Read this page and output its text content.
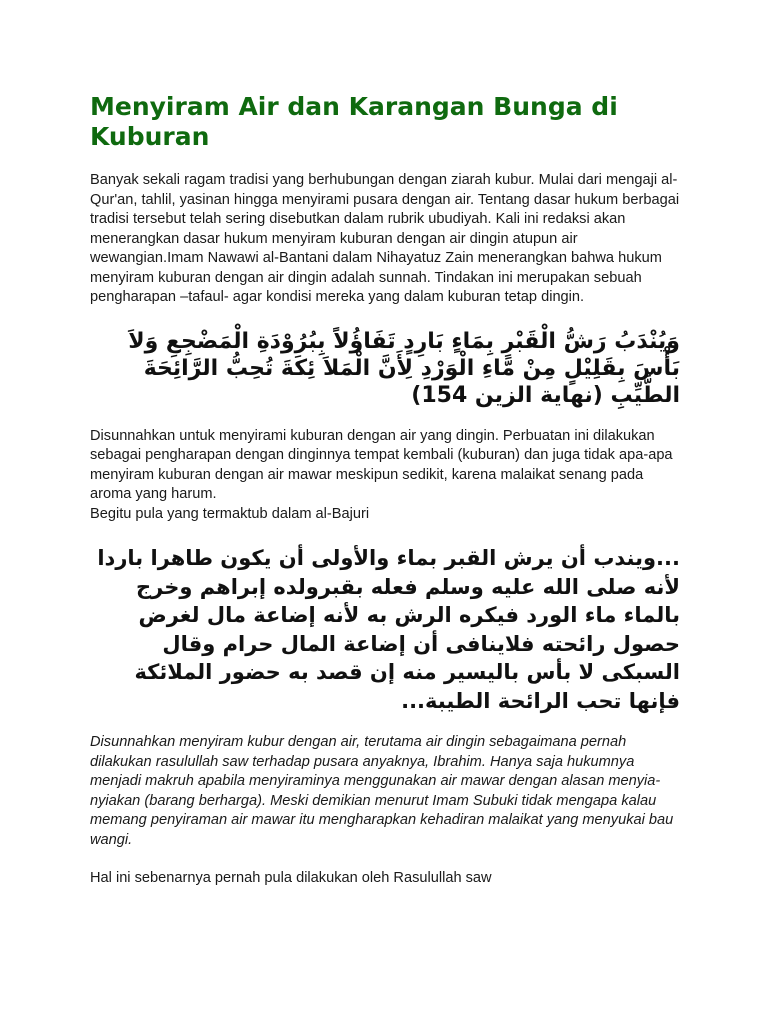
Menyiram Air dan Karangan Bunga di Kuburan

Banyak sekali ragam tradisi yang berhubungan dengan ziarah kubur. Mulai dari mengaji al-Qur'an, tahlil, yasinan hingga menyirami pusara dengan air. Tentang dasar hukum berbagai tradisi tersebut telah sering disebutkan dalam rubrik ubudiyah. Kali ini redaksi akan menerangkan dasar hukum menyiram kuburan dengan air dingin atupun air wewangian.Imam Nawawi al-Bantani dalam Nihayatuz Zain menerangkan bahwa hukum menyiram kuburan dengan air dingin adalah sunnah. Tindakan ini merupakan sebuah pengharapan –tafaul- agar kondisi mereka yang dalam kuburan tetap dingin.

وَيُنْدَبُ رَشُّ الْقَبْرِ بِمَاءٍ بَارِدٍ تَفَاؤُلاً بِبُرُوْدَةِ الْمَضْجِعِ وَلاَ بَأْسَ بِقَلِيْلٍ مِنْ مَّاءِ الْوَرْدِ لِأَنَّ الْمَلاَ ئِكَةَ تُحِبُّ الرَّائِحَةَ الطَّيِّبِ (نهاية الزين 154)

Disunnahkan untuk menyirami kuburan dengan air yang dingin. Perbuatan ini dilakukan sebagai pengharapan dengan dinginnya tempat kembali (kuburan) dan juga tidak apa-apa menyiram kuburan dengan air mawar meskipun sedikit, karena malaikat senang pada aroma yang harum.

Begitu pula yang termaktub dalam al-Bajuri

...ويندب أن يرش القبر بماء والأولى أن يكون طاهرا باردا لأنه صلى الله عليه وسلم فعله بقبرولده إبراهم وخرج بالماء ماء الورد فيكره الرش به لأنه إضاعة مال لغرض حصول رائحته فلاينافى أن إضاعة المال حرام وقال السبكى لا بأس باليسير منه إن قصد به حضور الملائكة فإنها تحب الرائحة الطيبة...

Disunnahkan menyiram kubur dengan air, terutama air dingin sebagaimana pernah dilakukan rasulullah saw terhadap pusara anyaknya, Ibrahim. Hanya saja hukumnya menjadi makruh apabila menyiraminya menggunakan air mawar dengan alasan menyia-nyiakan (barang berharga). Meski demikian menurut Imam Subuki tidak mengapa kalau memang penyiraman air mawar itu mengharapkan kehadiran malaikat yang menyukai bau wangi.

Hal ini sebenarnya pernah pula dilakukan oleh Rasulullah saw
